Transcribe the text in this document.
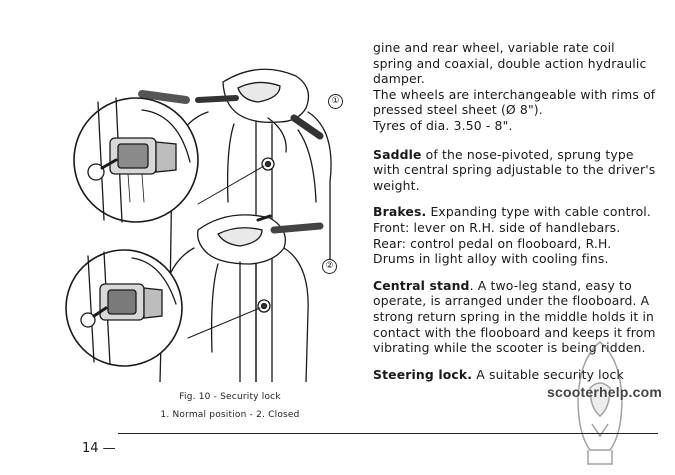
①
②
Fig. 10 - Security lock
1. Normal position - 2. Closed

gine and rear wheel, variable rate coil spring and coaxial, double action hydraulic damper.
The wheels are interchangeable with rims of pressed steel sheet (Ø 8").
Tyres of dia. 3.50 - 8".

Saddle of the nose-pivoted, sprung type with central spring adjustable to the driver's weight.

Brakes. Expanding type with cable control.
Front: lever on R.H. side of handlebars.
Rear: control pedal on flooboard, R.H.
Drums in light alloy with cooling fins.

Central stand. A two-leg stand, easy to operate, is arranged under the flooboard. A strong return spring in the middle holds it in contact with the flooboard and keeps it from vibrating while the scooter is being ridden.

Steering lock. A suitable security lock

scooterhelp.com
14 —
